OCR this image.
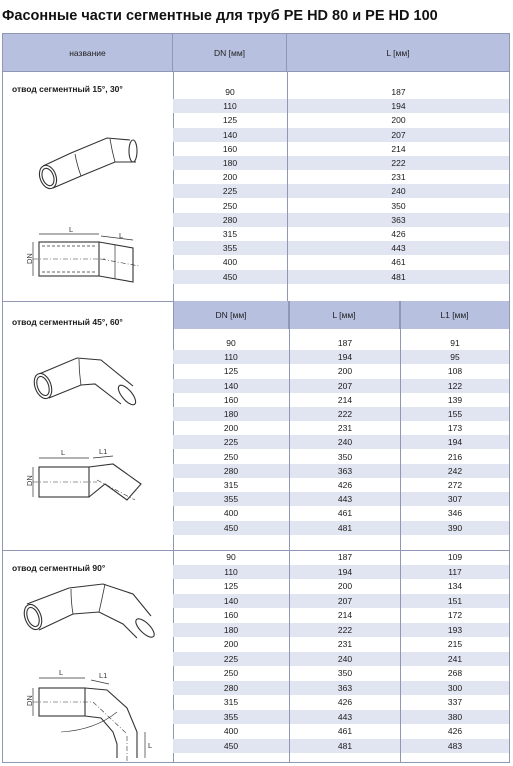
Фасонные части сегментные для труб PE HD 80 и PE HD 100
название	DN [мм]	L [мм]
отвод сегментный 15°, 30°
L
L
DN
90	187
110	194
125	200
140	207
160	214
180	222
200	231
225	240
250	350
280	363
315	426
355	443
400	461
450	481
отвод сегментный 45°, 60°
DN [мм]	L [мм]	L1 [мм]
L	L1
DN
90	187	91
110	194	95
125	200	108
140	207	122
160	214	139
180	222	155
200	231	173
225	240	194
250	350	216
280	363	242
315	426	272
355	443	307
400	461	346
450	481	390
отвод сегментный 90°
L	L1
DN
L
90	187	109
110	194	117
125	200	134
140	207	151
160	214	172
180	222	193
200	231	215
225	240	241
250	350	268
280	363	300
315	426	337
355	443	380
400	461	426
450	481	483
